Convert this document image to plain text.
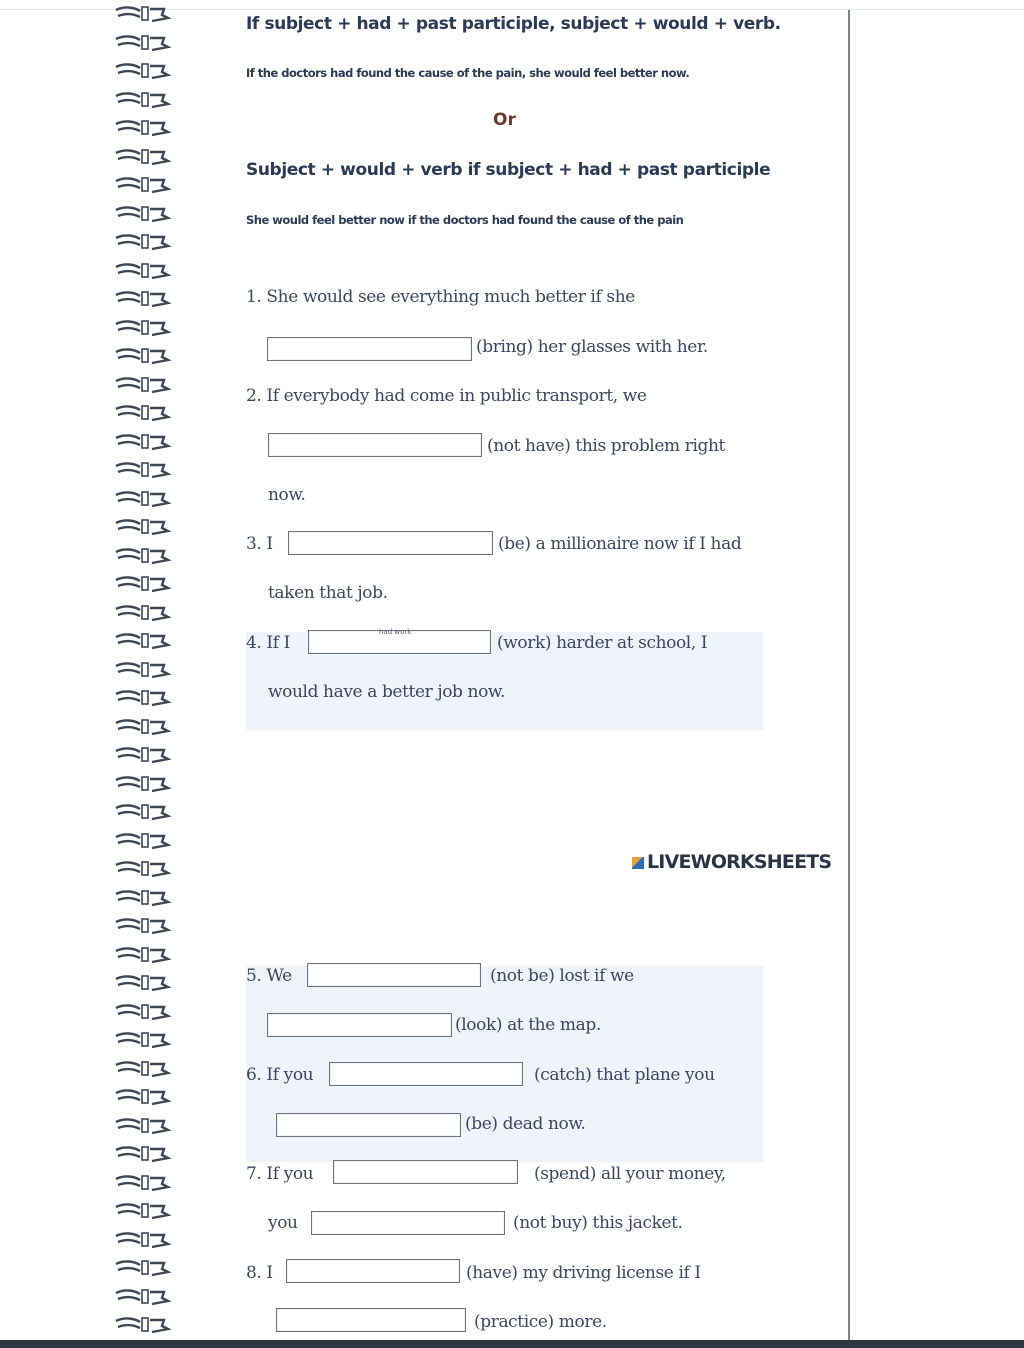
If subject + had + past participle, subject + would + verb.
If the doctors had found the cause of the pain, she would feel better now.
Or
Subject + would + verb if subject + had + past participle
She would feel better now if the doctors had found the cause of the pain
1. She would see everything much better if she
(bring) her glasses with her.
2. If everybody had come in public transport, we
(not have) this problem right
now.
3. I	(be) a millionaire now if I had
taken that job.
4. If I
had work
(work) harder at school, I
would have a better job now.
LIVEWORKSHEETS
5. We	(not be) lost if we
(look) at the map.
6. If you	(catch) that plane you
(be) dead now.
7. If you	(spend) all your money,
you	(not buy) this jacket.
8. I	(have) my driving license if I
(practice) more.
